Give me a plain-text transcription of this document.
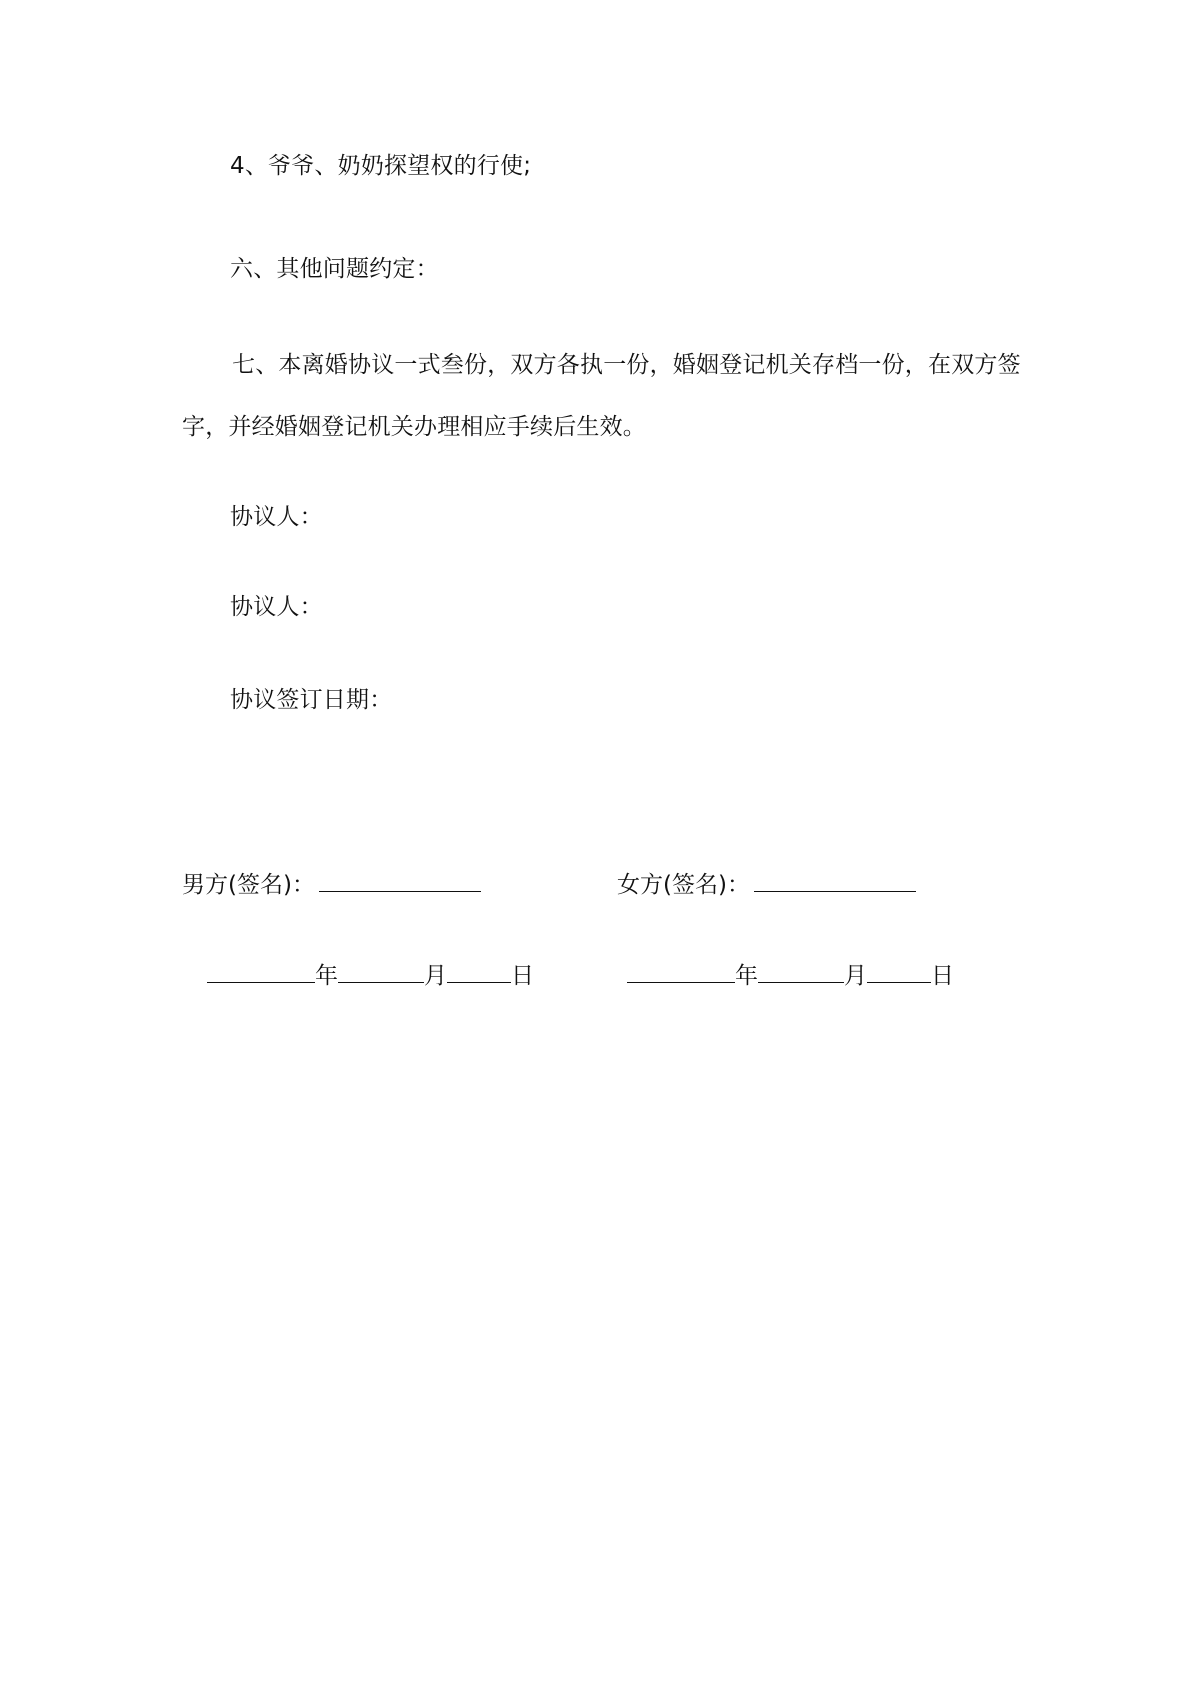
4、爷爷、奶奶探望权的行使;
六、其他问题约定：
七、本离婚协议一式叁份，双方各执一份，婚姻登记机关存档一份，在双方签字，并经婚姻登记机关办理相应手续后生效。
协议人：
协议人：
协议签订日期：
男方(签名)：	女方(签名)：
年	月	日	年	月	日
